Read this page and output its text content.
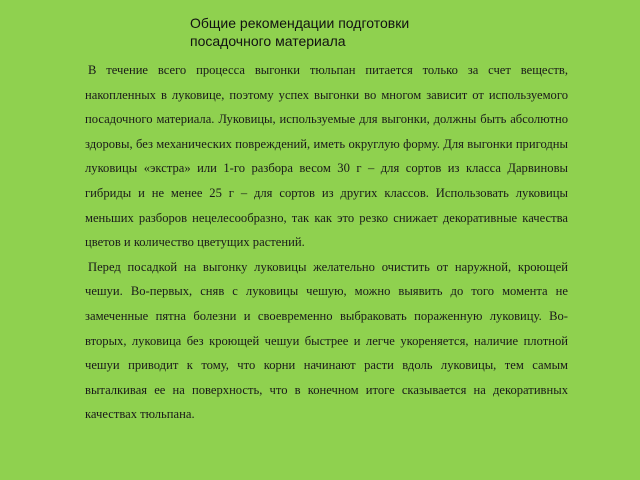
Общие рекомендации подготовки
посадочного материала

В течение всего процесса выгонки тюльпан питается только за счет веществ, накопленных в луковице, поэтому успех выгонки во многом зависит от используемого посадочного материала. Луковицы, используемые для выгонки, должны быть абсолютно здоровы, без механических повреждений, иметь округлую форму. Для выгонки пригодны луковицы «экстра» или 1-го разбора весом 30 г – для сортов из класса Дарвиновы гибриды и не менее 25 г – для сортов из других классов. Использовать луковицы меньших разборов нецелесообразно, так как это резко снижает декоративные качества цветов и количество цветущих растений.

Перед посадкой на выгонку луковицы желательно очистить от наружной, кроющей чешуи. Во-первых, сняв с луковицы чешую, можно выявить до того момента не замеченные пятна болезни и своевременно выбраковать пораженную луковицу. Во-вторых, луковица без кроющей чешуи быстрее и легче укореняется, наличие плотной чешуи приводит к тому, что корни начинают расти вдоль луковицы, тем самым выталкивая ее на поверхность, что в конечном итоге сказывается на декоративных качествах тюльпана.
